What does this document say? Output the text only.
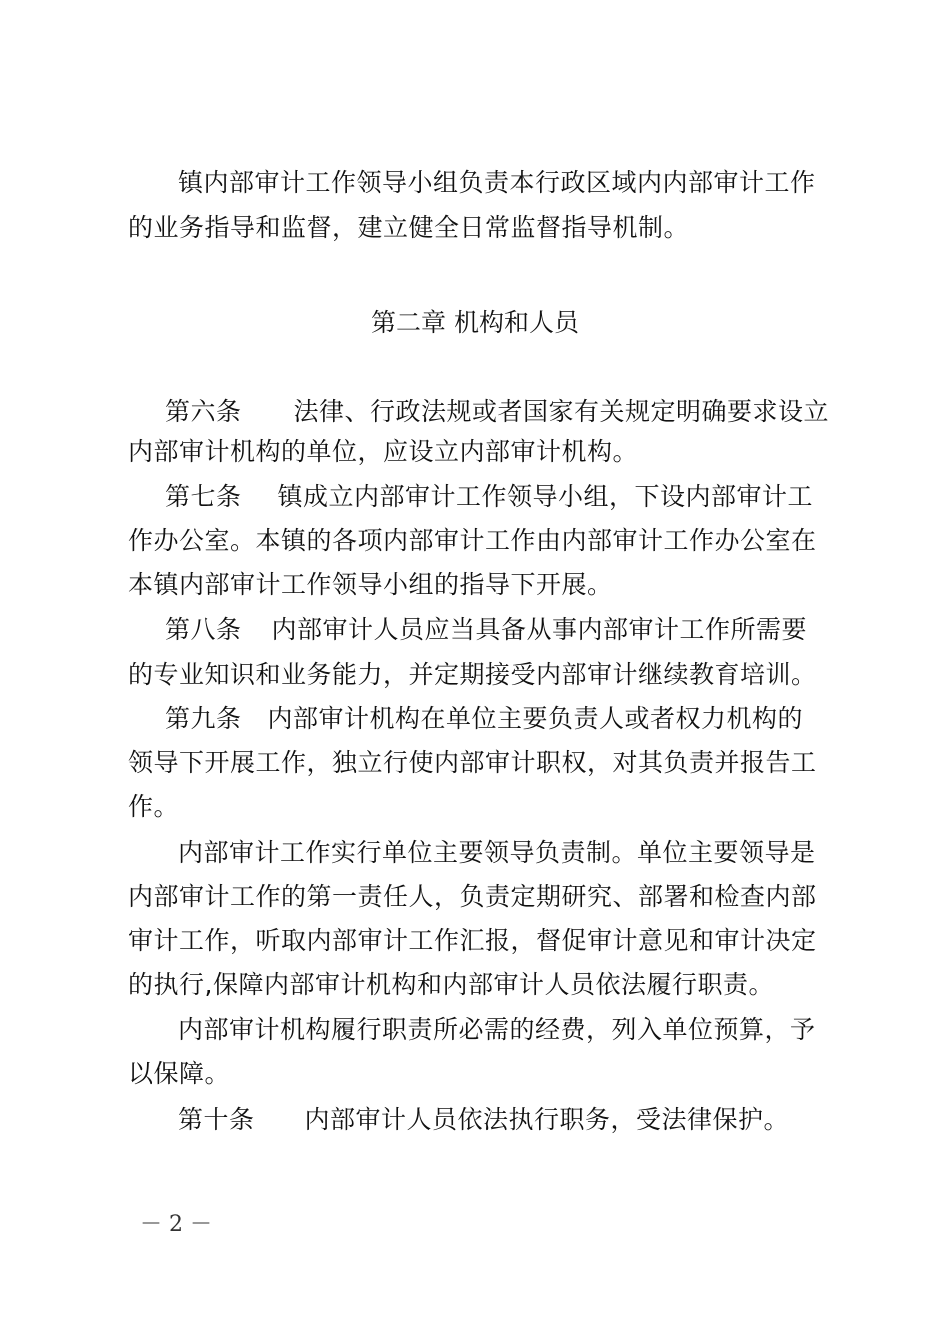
镇内部审计工作领导小组负责本行政区域内内部审计工作
的业务指导和监督，建立健全日常监督指导机制。
第二章 机构和人员
第六条 法律、行政法规或者国家有关规定明确要求设立
内部审计机构的单位，应设立内部审计机构。
第七条 镇成立内部审计工作领导小组，下设内部审计工
作办公室。本镇的各项内部审计工作由内部审计工作办公室在
本镇内部审计工作领导小组的指导下开展。
第八条 内部审计人员应当具备从事内部审计工作所需要
的专业知识和业务能力，并定期接受内部审计继续教育培训。
第九条 内部审计机构在单位主要负责人或者权力机构的
领导下开展工作，独立行使内部审计职权，对其负责并报告工
作。
内部审计工作实行单位主要领导负责制。单位主要领导是
内部审计工作的第一责任人，负责定期研究、部署和检查内部
审计工作，听取内部审计工作汇报，督促审计意见和审计决定
的执行,保障内部审计机构和内部审计人员依法履行职责。
内部审计机构履行职责所必需的经费，列入单位预算，予
以保障。
第十条 内部审计人员依法执行职务，受法律保护。
－ 2 －
